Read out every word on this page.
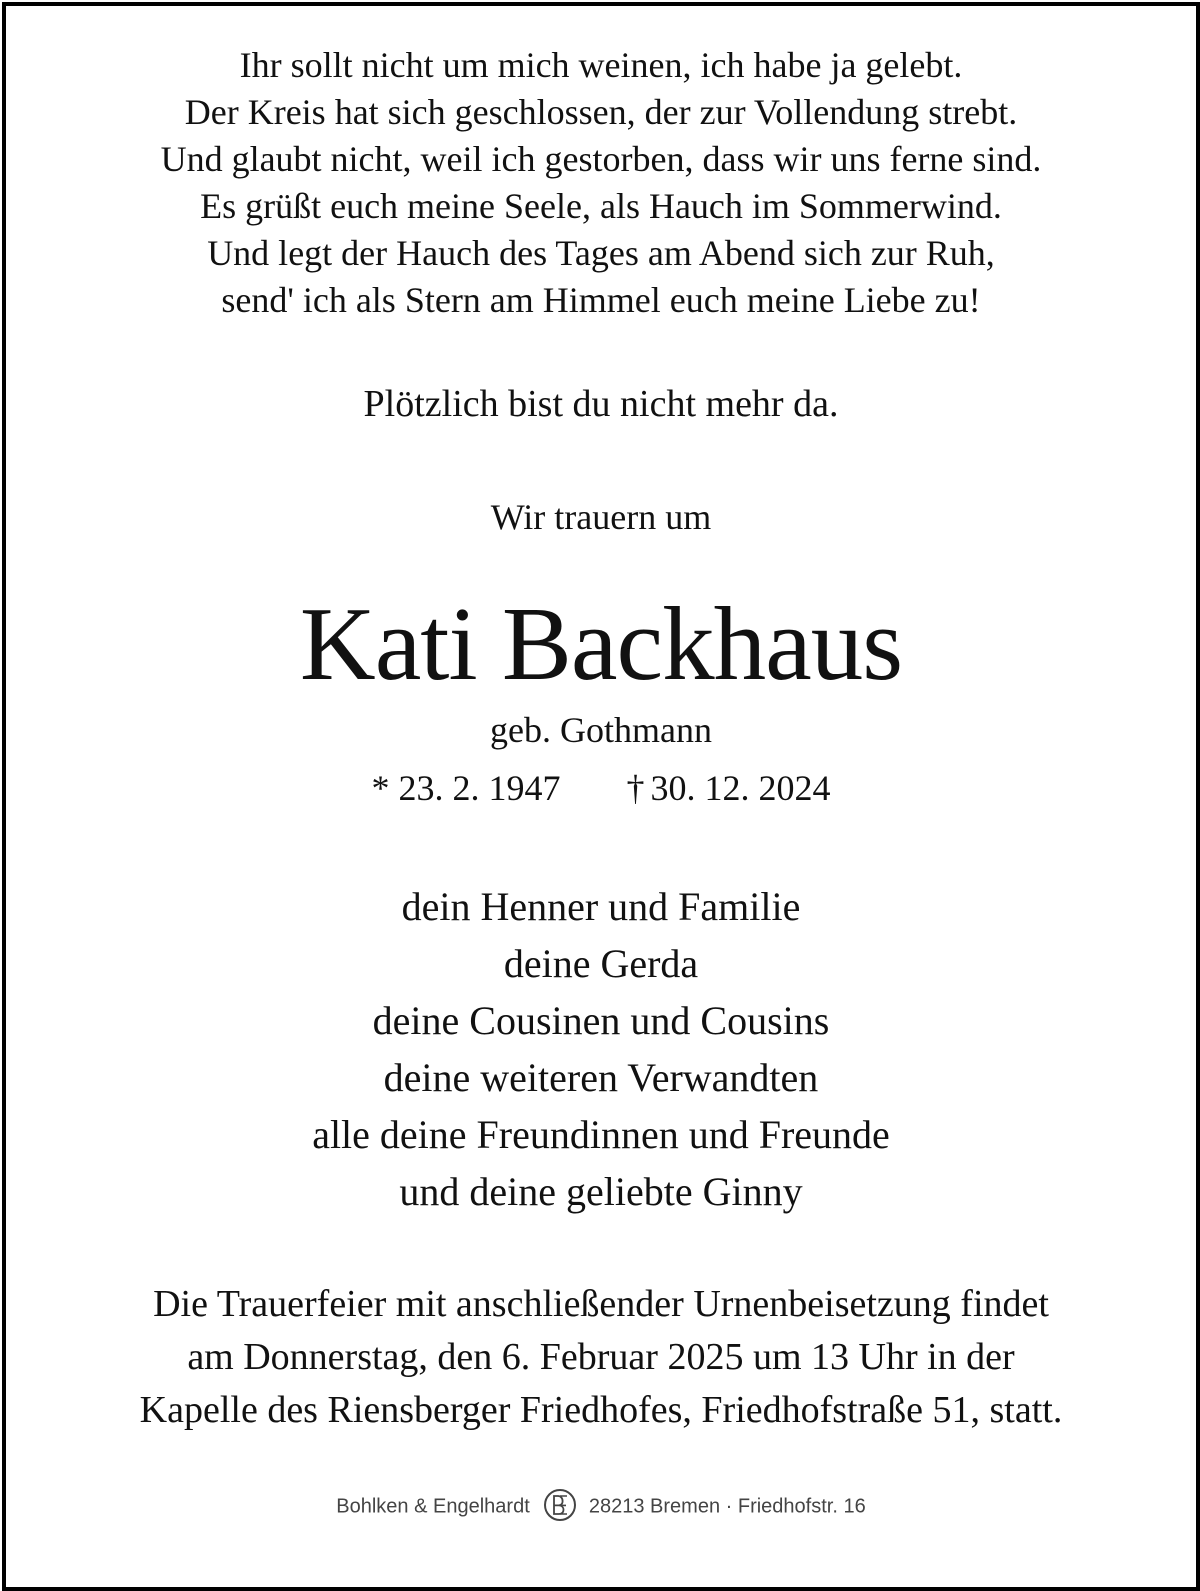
Ihr sollt nicht um mich weinen, ich habe ja gelebt.
Der Kreis hat sich geschlossen, der zur Vollendung strebt.
Und glaubt nicht, weil ich gestorben, dass wir uns ferne sind.
Es grüßt euch meine Seele, als Hauch im Sommerwind.
Und legt der Hauch des Tages am Abend sich zur Ruh,
send' ich als Stern am Himmel euch meine Liebe zu!
Plötzlich bist du nicht mehr da.
Wir trauern um
Kati Backhaus
geb. Gothmann
* 23. 2. 1947 † 30. 12. 2024
dein Henner und Familie
deine Gerda
deine Cousinen und Cousins
deine weiteren Verwandten
alle deine Freundinnen und Freunde
und deine geliebte Ginny
Die Trauerfeier mit anschließender Urnenbeisetzung findet
am Donnerstag, den 6. Februar 2025 um 13 Uhr in der
Kapelle des Riensberger Friedhofes, Friedhofstraße 51, statt.
Bohlken & Engelhardt	28213 Bremen · Friedhofstr. 16
